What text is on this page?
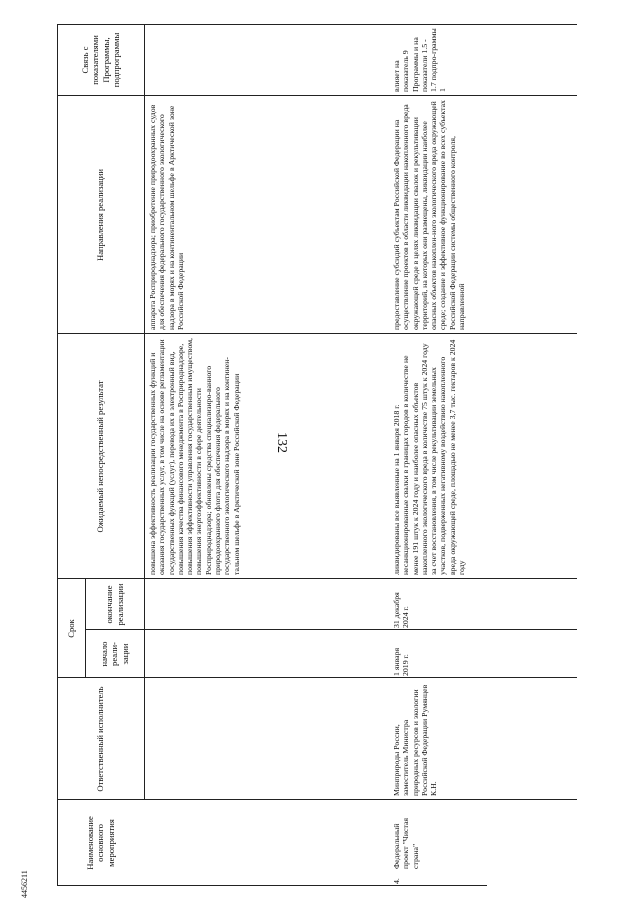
132
4456211
Наименование основного мероприятия
Ответственный исполнитель
Срок
начало реали-зации
окончание реализации
Ожидаемый непосредственный результат
Направления реализации
Связь с показателями Программы, подпрограммы
повышена эффективность реализации государственных функций и оказания государственных услуг, в том числе на основе регламентации государственных функций (услуг), перевода их в электронный вид, повышения качества финансового менеджмента в Росприроднадзоре, повышения эффективности управления государственным имуществом, повышения энергоэффективности в сфере деятельности Росприроднадзора; обновлены средства специализиро-ванного природоохранного флота для обеспечения федерального государственного экологического надзора в морях и на континен-тальном шельфе в Арктической зоне Российской Федерации
аппарата Росприроднадзора; приобретение природоохранных судов для обеспечения федерального государственного экологического надзора в морях и на континентальном шельфе в Арктической зоне Российской Федерации
4.
Федеральный проект "Чистая страна"
Минприроды России, заместитель Министра природных ресурсов и экологии Российской Федерации Румянцев К.Н.
1 января 2019 г.
31 декабря 2024 г.
ликвидированы все выявленные на 1 января 2018 г. несанкционированные свалки в границах городов в количестве не менее 191 штук к 2024 году и наиболее опасных объектов накопленного экологического вреда в количестве 75 штук к 2024 году за счет восстановления, в том числе рекультивации земельных участков, подверженных негативному воздействию накопленного вреда окружающей среде, площадью не менее 3,7 тыс. гектаров к 2024 году
предоставление субсидий субъектам Российской Федерации на осуществление проектов в области ликвидации накопленного вреда окружающей среде в целях ликвидации свалок и рекультивации территорий, на которых они размещены, ликвидации наиболее опасных объектов накоплен-ного экологического вреда окружающей среде; создание и эффективное функционирование во всех субъектах Российской Федерации системы общественного контроля, направленной
влияет на показатель 9 Программы и на показатели 1.5 - 1.7 подпро-граммы 1
